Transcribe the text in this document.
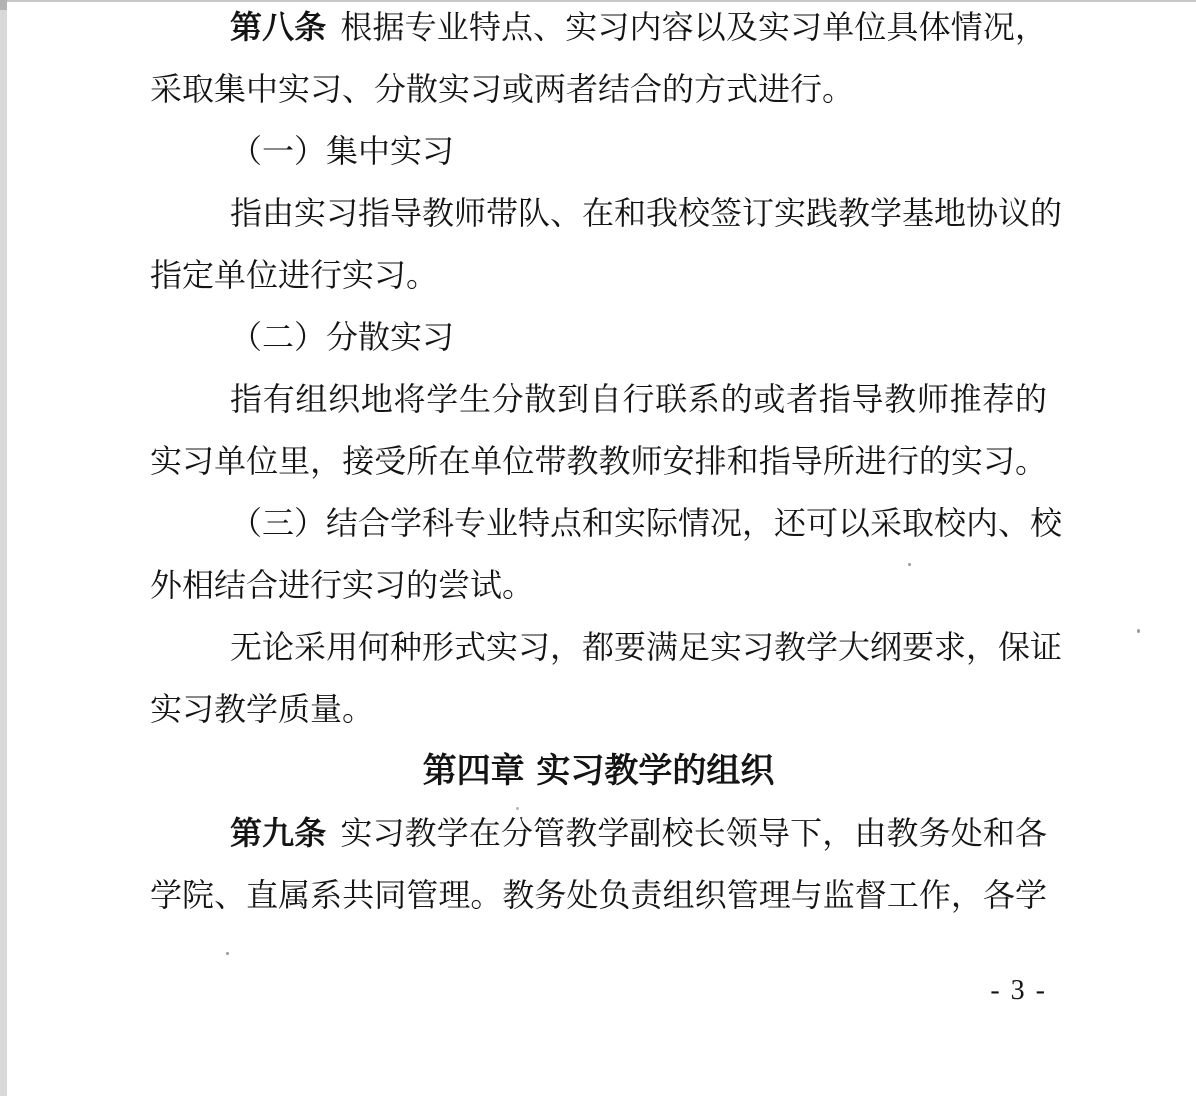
第八条 根据专业特点、实习内容以及实习单位具体情况，
采取集中实习、分散实习或两者结合的方式进行。
（一）集中实习
指由实习指导教师带队、在和我校签订实践教学基地协议的
指定单位进行实习。
（二）分散实习
指有组织地将学生分散到自行联系的或者指导教师推荐的
实习单位里，接受所在单位带教教师安排和指导所进行的实习。
（三）结合学科专业特点和实际情况，还可以采取校内、校
外相结合进行实习的尝试。
无论采用何种形式实习，都要满足实习教学大纲要求，保证
实习教学质量。
第四章 实习教学的组织
第九条 实习教学在分管教学副校长领导下，由教务处和各
学院、直属系共同管理。教务处负责组织管理与监督工作，各学
- 3 -
